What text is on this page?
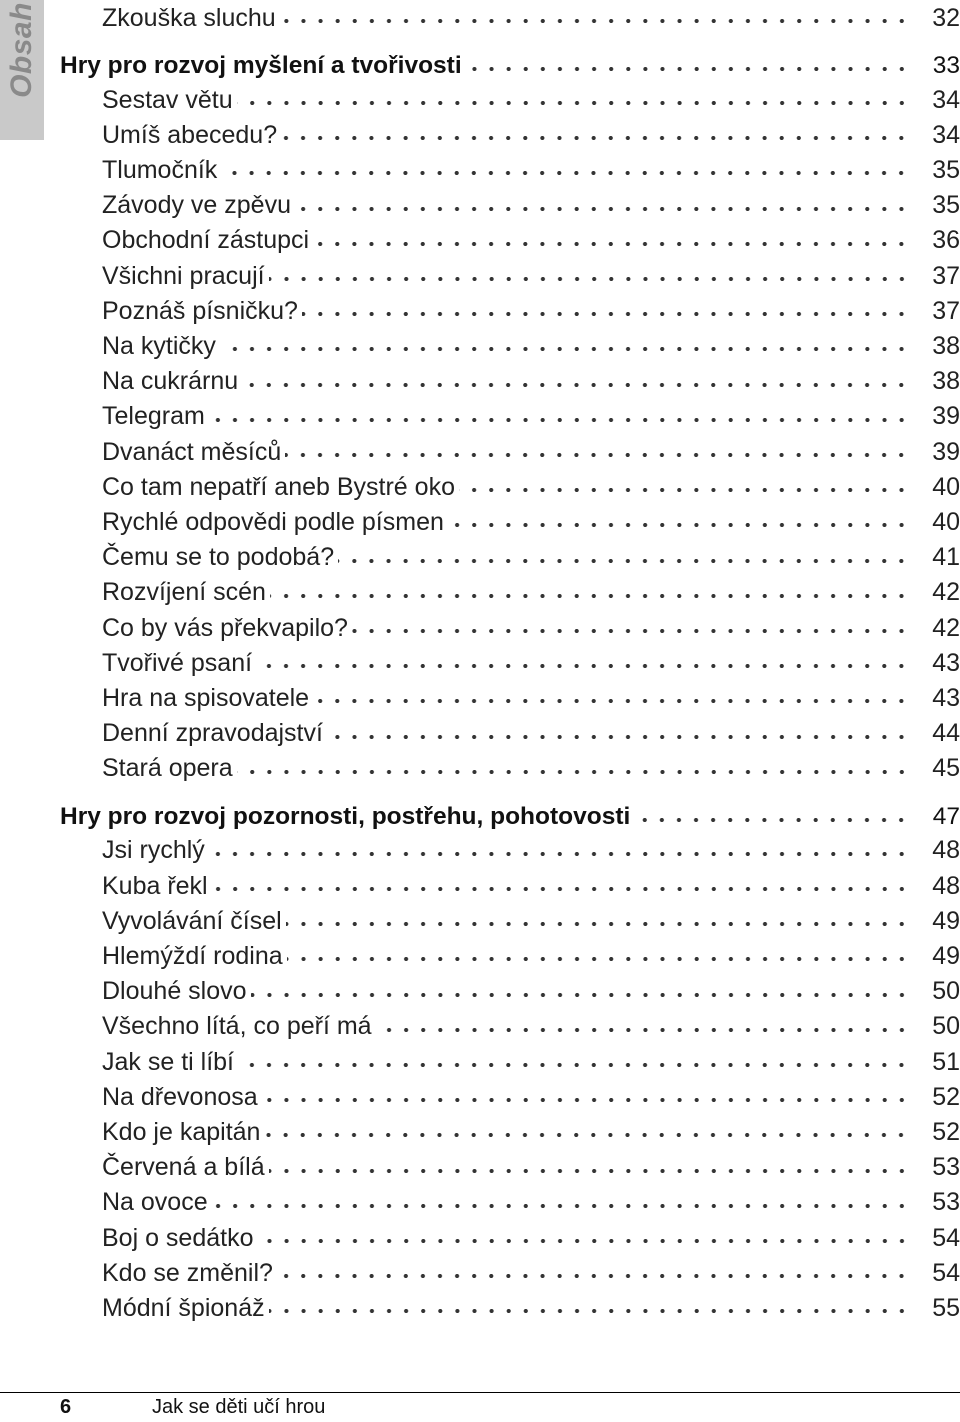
Obsah	Zkouška sluchu	32
Hry pro rozvoj myšlení a tvořivosti	33
Sestav větu	34
Umíš abecedu?	34
Tlumočník	35
Závody ve zpěvu	35
Obchodní zástupci	36
Všichni pracují	37
Poznáš písničku?	37
Na kytičky	38
Na cukrárnu	38
Telegram	39
Dvanáct měsíců	39
Co tam nepatří aneb Bystré oko	40
Rychlé odpovědi podle písmen	40
Čemu se to podobá?	41
Rozvíjení scén	42
Co by vás překvapilo?	42
Tvořivé psaní	43
Hra na spisovatele	43
Denní zpravodajství	44
Stará opera	45
Hry pro rozvoj pozornosti, postřehu, pohotovosti	47
Jsi rychlý	48
Kuba řekl	48
Vyvolávání čísel	49
Hlemýždí rodina	49
Dlouhé slovo	50
Všechno lítá, co peří má	50
Jak se ti líbí	51
Na dřevonosa	52
Kdo je kapitán	52
Červená a bílá	53
Na ovoce	53
Boj o sedátko	54
Kdo se změnil?	54
Módní špionáž	55
6	Jak se děti učí hrou
